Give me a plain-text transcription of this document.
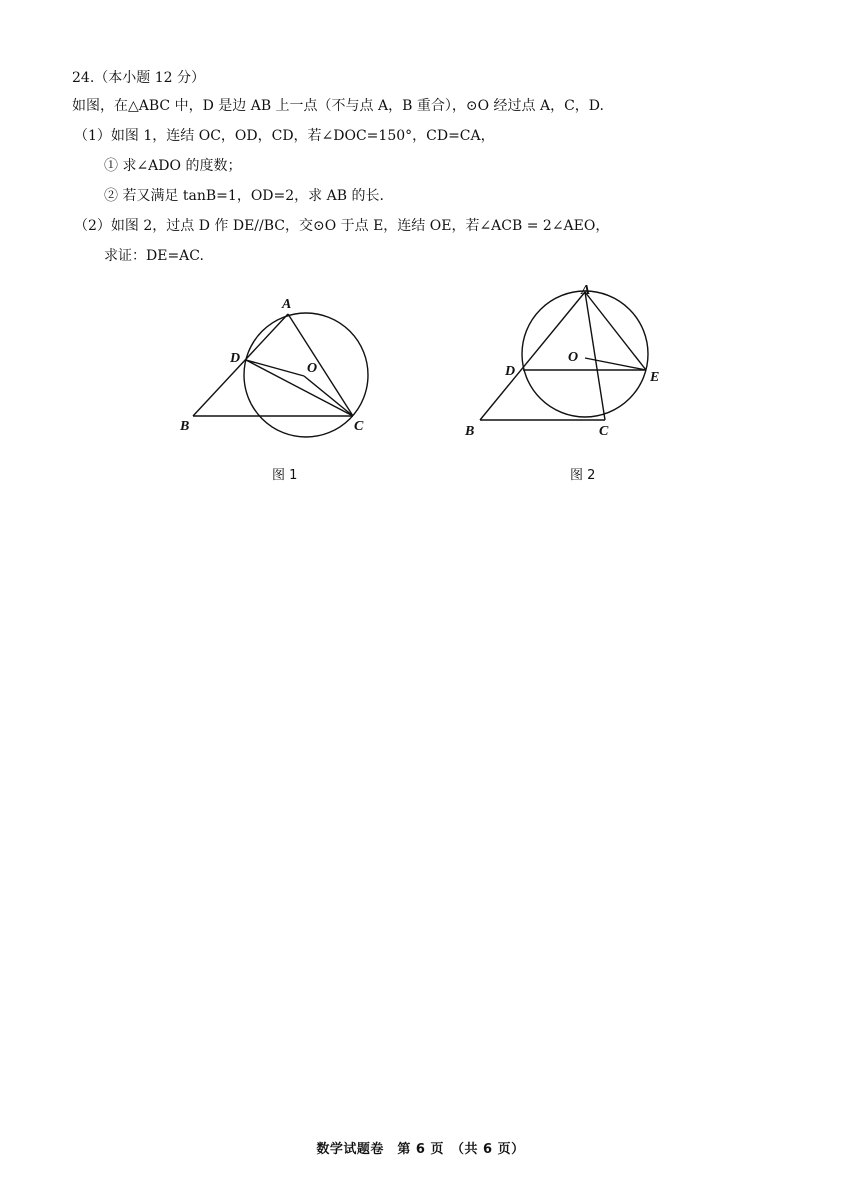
24.（本小题 12 分）
如图，在△ABC 中，D 是边 AB 上一点（不与点 A，B 重合），⊙O 经过点 A，C，D.
（1）如图 1，连结 OC，OD，CD，若∠DOC=150°，CD=CA，
① 求∠ADO 的度数；
② 若又满足 tanB=1，OD=2，求 AB 的长.
（2）如图 2，过点 D 作 DE//BC，交⊙O 于点 E，连结 OE，若∠ACB = 2∠AEO，
求证：DE=AC.
A
B	C
D
O
图 1
A
B	C
D	E
O
图 2
数学试题卷　第 6 页　（共 6 页）
